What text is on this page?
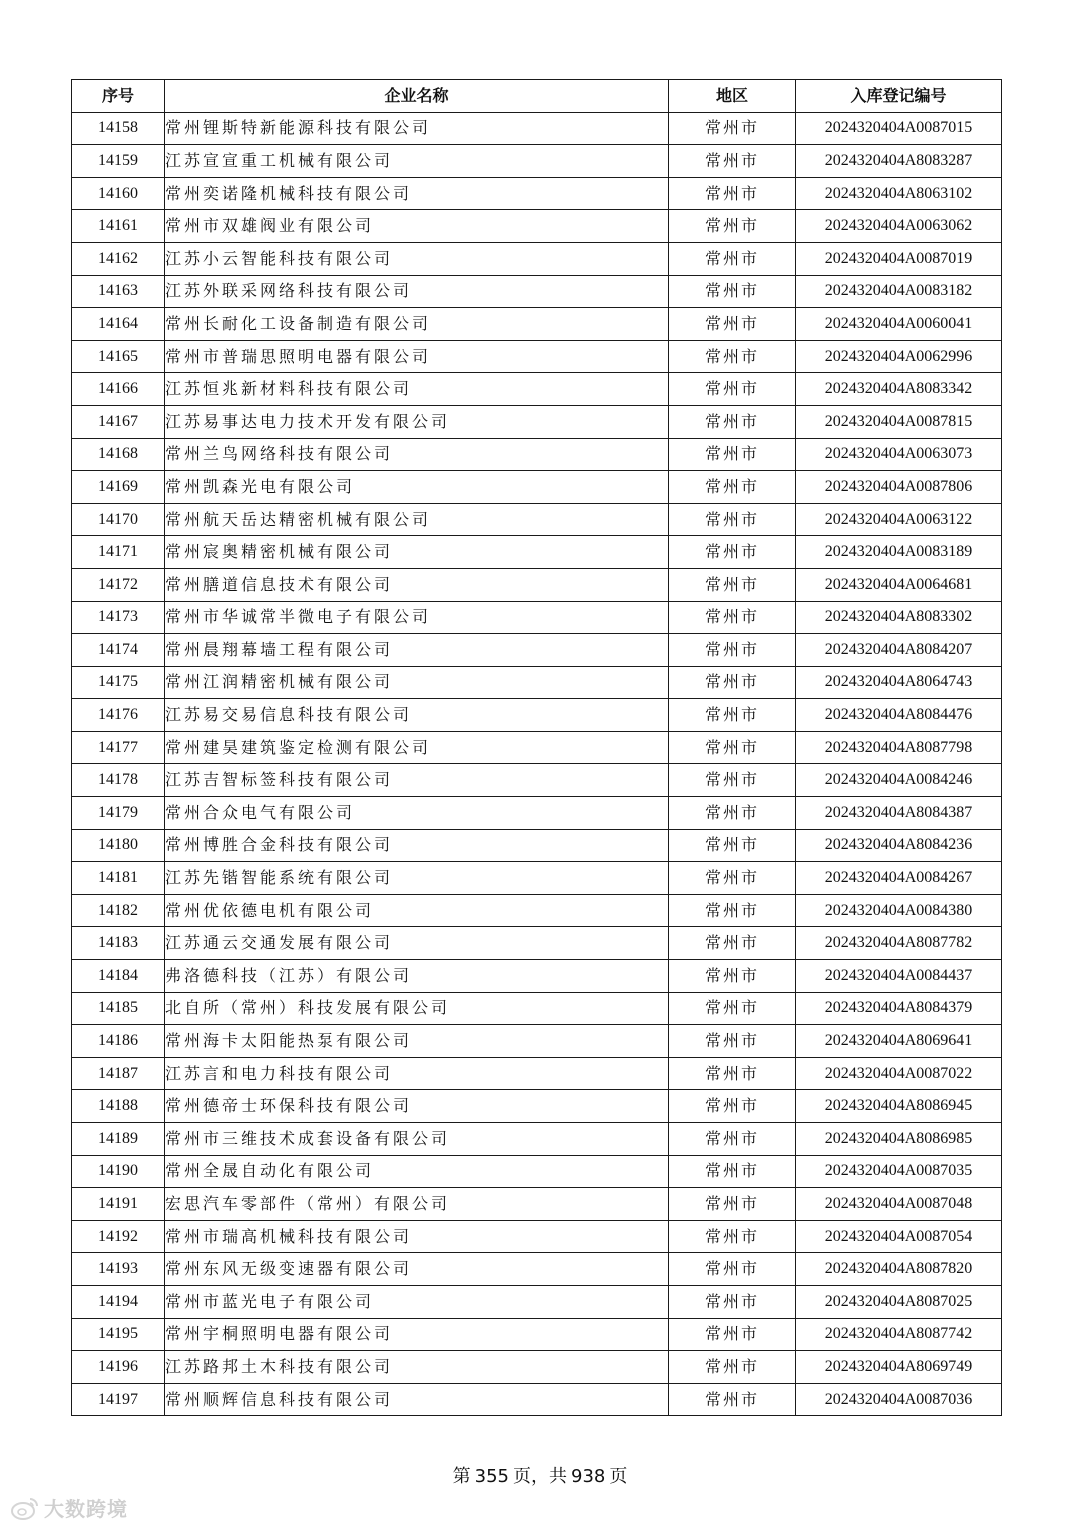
序号	企业名称	地区	入库登记编号
14158	常州锂斯特新能源科技有限公司	常州市	2024320404A0087015
14159	江苏宣宣重工机械有限公司	常州市	2024320404A8083287
14160	常州奕诺隆机械科技有限公司	常州市	2024320404A8063102
14161	常州市双雄阀业有限公司	常州市	2024320404A0063062
14162	江苏小云智能科技有限公司	常州市	2024320404A0087019
14163	江苏外联采网络科技有限公司	常州市	2024320404A0083182
14164	常州长耐化工设备制造有限公司	常州市	2024320404A0060041
14165	常州市普瑞思照明电器有限公司	常州市	2024320404A0062996
14166	江苏恒兆新材料科技有限公司	常州市	2024320404A8083342
14167	江苏易事达电力技术开发有限公司	常州市	2024320404A0087815
14168	常州兰鸟网络科技有限公司	常州市	2024320404A0063073
14169	常州凯森光电有限公司	常州市	2024320404A0087806
14170	常州航天岳达精密机械有限公司	常州市	2024320404A0063122
14171	常州宸奥精密机械有限公司	常州市	2024320404A0083189
14172	常州膳道信息技术有限公司	常州市	2024320404A0064681
14173	常州市华诚常半微电子有限公司	常州市	2024320404A8083302
14174	常州晨翔幕墙工程有限公司	常州市	2024320404A8084207
14175	常州江润精密机械有限公司	常州市	2024320404A8064743
14176	江苏易交易信息科技有限公司	常州市	2024320404A8084476
14177	常州建昊建筑鉴定检测有限公司	常州市	2024320404A8087798
14178	江苏吉智标签科技有限公司	常州市	2024320404A0084246
14179	常州合众电气有限公司	常州市	2024320404A8084387
14180	常州博胜合金科技有限公司	常州市	2024320404A8084236
14181	江苏先锴智能系统有限公司	常州市	2024320404A0084267
14182	常州优依德电机有限公司	常州市	2024320404A0084380
14183	江苏通云交通发展有限公司	常州市	2024320404A8087782
14184	弗洛德科技（江苏）有限公司	常州市	2024320404A0084437
14185	北自所（常州）科技发展有限公司	常州市	2024320404A8084379
14186	常州海卡太阳能热泵有限公司	常州市	2024320404A8069641
14187	江苏言和电力科技有限公司	常州市	2024320404A0087022
14188	常州德帝士环保科技有限公司	常州市	2024320404A8086945
14189	常州市三维技术成套设备有限公司	常州市	2024320404A8086985
14190	常州全晟自动化有限公司	常州市	2024320404A0087035
14191	宏思汽车零部件（常州）有限公司	常州市	2024320404A0087048
14192	常州市瑞高机械科技有限公司	常州市	2024320404A0087054
14193	常州东风无级变速器有限公司	常州市	2024320404A8087820
14194	常州市蓝光电子有限公司	常州市	2024320404A8087025
14195	常州宇桐照明电器有限公司	常州市	2024320404A8087742
14196	江苏路邦土木科技有限公司	常州市	2024320404A8069749
14197	常州顺辉信息科技有限公司	常州市	2024320404A0087036
第 355 页，共 938 页
大数跨境
